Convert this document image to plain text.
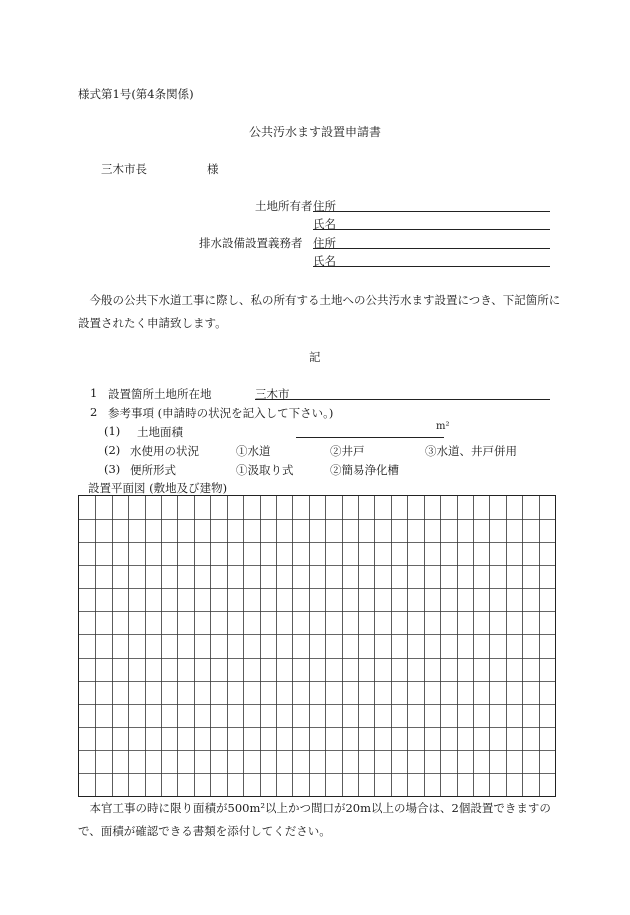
様式第1号(第4条関係)
公共汚水ます設置申請書
三木市長	様
土地所有者 住所
氏名
排水設備設置義務者 住所
氏名

今般の公共下水道工事に際し、私の所有する土地への公共汚水ます設置につき、下記箇所に設置されたく申請致します。

記
1 設置箇所土地所在地	三木市
2 参考事項 (申請時の状況を記入して下さい。)
(1) 土地面積	m²
(2) 水使用の状況	①水道	②井戸	③水道、井戸併用
(3) 便所形式	①汲取り式	②簡易浄化槽
設置平面図 (敷地及び建物)

本官工事の時に限り面積が500m²以上かつ間口が20m以上の場合は、2個設置できますので、面積が確認できる書類を添付してください。
